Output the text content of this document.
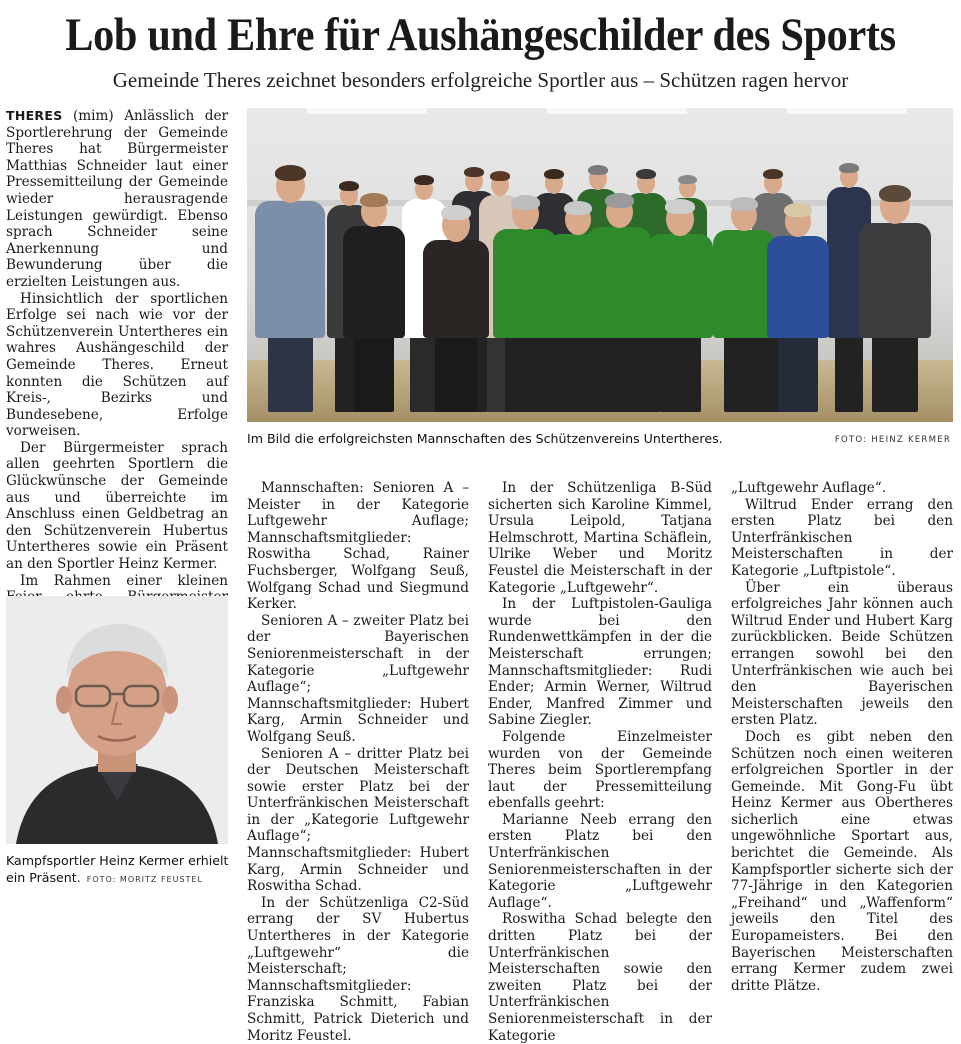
Lob und Ehre für Aushängeschilder des Sports
Gemeinde Theres zeichnet besonders erfolgreiche Sportler aus – Schützen ragen hervor

THERES (mim) Anlässlich der Sportlerehrung der Gemeinde Theres hat Bürgermeister Matthias Schneider laut einer Pressemitteilung der Gemeinde wieder herausragende Leistungen gewürdigt. Ebenso sprach Schneider seine Anerkennung und Bewunderung über die erzielten Leistungen aus.

Hinsichtlich der sportlichen Erfolge sei nach wie vor der Schützenverein Untertheres ein wahres Aushängeschild der Gemeinde Theres. Erneut konnten die Schützen auf Kreis-, Bezirks und Bundesebene, Erfolge vorweisen.

Der Bürgermeister sprach allen geehrten Sportlern die Glückwünsche der Gemeinde aus und überreichte im Anschluss einen Geldbetrag an den Schützenverein Hubertus Untertheres sowie ein Präsent an den Sportler Heinz Kermer.

Im Rahmen einer kleinen

Im Bild die erfolgreichsten Mannschaften des Schützenvereins Untertheres.	FOTO: HEINZ KERMER

Mannschaften: Senioren A – Meister in der Kategorie Luftgewehr Auflage; Mannschaftsmitglieder: Roswitha Schad, Rainer Fuchsberger, Wolfgang Seuß, Wolfgang Schad und Siegmund Kerker.

Senioren A – zweiter Platz bei der Bayerischen Seniorenmeisterschaft in der Kategorie „Luftgewehr Auflage“; Mannschaftsmitglieder: Hubert Karg, Armin Schneider und Wolfgang Seuß.

Senioren A – dritter Platz bei der Deutschen Meisterschaft sowie erster Platz bei der Unterfränkischen Meisterschaft in der „Kategorie Luftgewehr Auflage“; Mannschaftsmitglieder: Hubert Karg, Armin Schneider und Roswitha Schad.

In der Schützenliga C2-Süd errang der SV Hubertus Untertheres in der Kategorie „Luftgewehr“ die Meisterschaft; Mannschaftsmitglieder: Franziska Schmitt, Fabian Schmitt, Patrick Dieterich und Moritz Feustel.

In der Schützenliga B-Süd sicherten sich Karoline Kimmel, Ursula Leipold, Tatjana Helmschrott, Martina Schäflein, Ulrike Weber und Moritz Feustel die Meisterschaft in der Kategorie „Luftgewehr“.

In der Luftpistolen-Gauliga wurde bei den Rundenwettkämpfen in der die Meisterschaft errungen; Mannschaftsmitglieder: Rudi Ender; Armin Werner, Wiltrud Ender, Manfred Zimmer und Sabine Ziegler.

Folgende Einzelmeister wurden von der Gemeinde Theres beim Sportlerempfang laut der Pressemitteilung ebenfalls geehrt:

Marianne Neeb errang den ersten Platz bei den Unterfränkischen Seniorenmeisterschaften in der Kategorie „Luftgewehr Auflage“.

Roswitha Schad belegte den dritten Platz bei der Unterfränkischen Meisterschaften sowie den zweiten Platz bei der Unterfränkischen Seniorenmeisterschaft in der Kategorie

„Luftgewehr Auflage“.

Wiltrud Ender errang den ersten Platz bei den Unterfränkischen Meisterschaften in der Kategorie „Luftpistole“.

Über ein überaus erfolgreiches Jahr können auch Wiltrud Ender und Hubert Karg zurückblicken. Beide Schützen errangen sowohl bei den Unterfränkischen wie auch bei den Bayerischen Meisterschaften jeweils den ersten Platz.

Doch es gibt neben den Schützen noch einen weiteren erfolgreichen Sportler in der Gemeinde. Mit Gong-Fu übt Heinz Kermer aus Obertheres sicherlich eine etwas ungewöhnliche Sportart aus, berichtet die Gemeinde. Als Kampfsportler sicherte sich der 77-Jährige in den Kategorien „Freihand“ und „Waffenform“ jeweils den Titel des Europameisters. Bei den Bayerischen Meisterschaften errang Kermer zudem zwei dritte Plätze.

Kampfsportler Heinz Kermer erhielt ein Präsent. FOTO: MORITZ FEUSTEL
